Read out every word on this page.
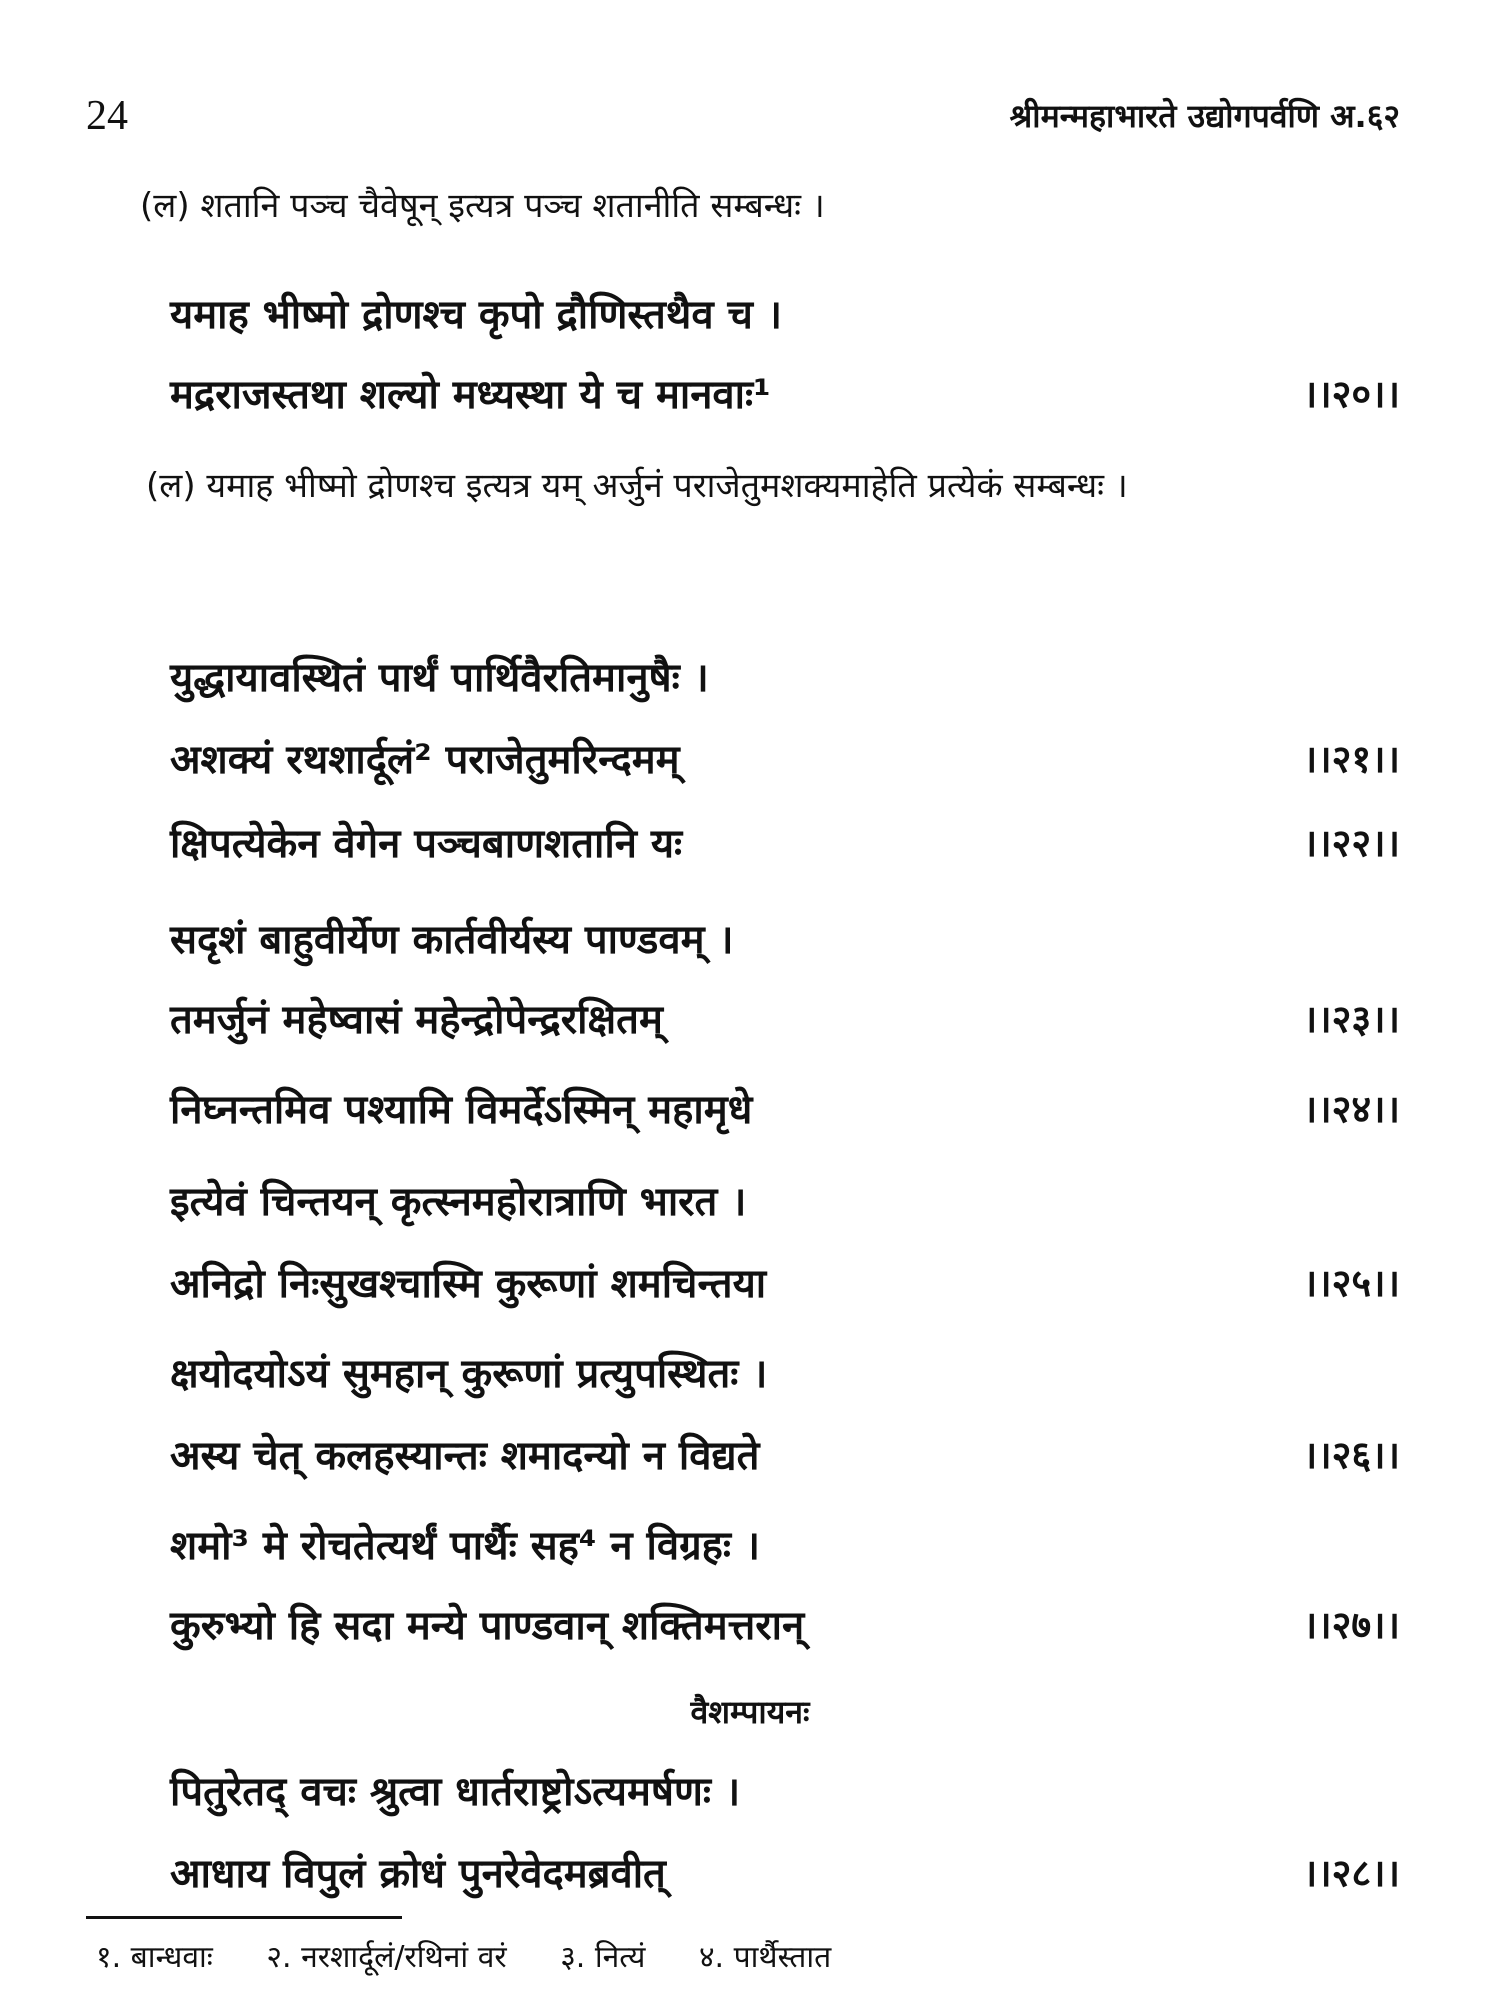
24	श्रीमन्महाभारते उद्योगपर्वणि अ.६२
(ल) शतानि पञ्च चैवेषून् इत्यत्र पञ्च शतानीति सम्बन्धः ।
यमाह भीष्मो द्रोणश्च कृपो द्रौणिस्तथैव च ।
मद्रराजस्तथा शल्यो मध्यस्था ये च मानवाः¹	।।२०।।
(ल) यमाह भीष्मो द्रोणश्च इत्यत्र यम् अर्जुनं पराजेतुमशक्यमाहेति प्रत्येकं सम्बन्धः ।
युद्धायावस्थितं पार्थं पार्थिवैरतिमानुषैः ।
अशक्यं रथशार्दूलं² पराजेतुमरिन्दमम्	।।२१।।
क्षिपत्येकेन वेगेन पञ्चबाणशतानि यः	।।२२।।
सदृशं बाहुवीर्येण कार्तवीर्यस्य पाण्डवम् ।
तमर्जुनं महेष्वासं महेन्द्रोपेन्द्ररक्षितम्	।।२३।।
निघ्नन्तमिव पश्यामि विमर्देऽस्मिन् महामृधे	।।२४।।
इत्येवं चिन्तयन् कृत्स्नमहोरात्राणि भारत ।
अनिद्रो निःसुखश्चास्मि कुरूणां शमचिन्तया	।।२५।।
क्षयोदयोऽयं सुमहान् कुरूणां प्रत्युपस्थितः ।
अस्य चेत् कलहस्यान्तः शमादन्यो न विद्यते	।।२६।।
शमो³ मे रोचतेत्यर्थं पार्थैः सह⁴ न विग्रहः ।
कुरुभ्यो हि सदा मन्ये पाण्डवान् शक्तिमत्तरान्	।।२७।।
वैशम्पायनः
पितुरेतद् वचः श्रुत्वा धार्तराष्ट्रोऽत्यमर्षणः ।
आधाय विपुलं क्रोधं पुनरेवेदमब्रवीत्	।।२८।।
१. बान्धवाः २. नरशार्दूलं/रथिनां वरं ३. नित्यं ४. पार्थैस्तात
